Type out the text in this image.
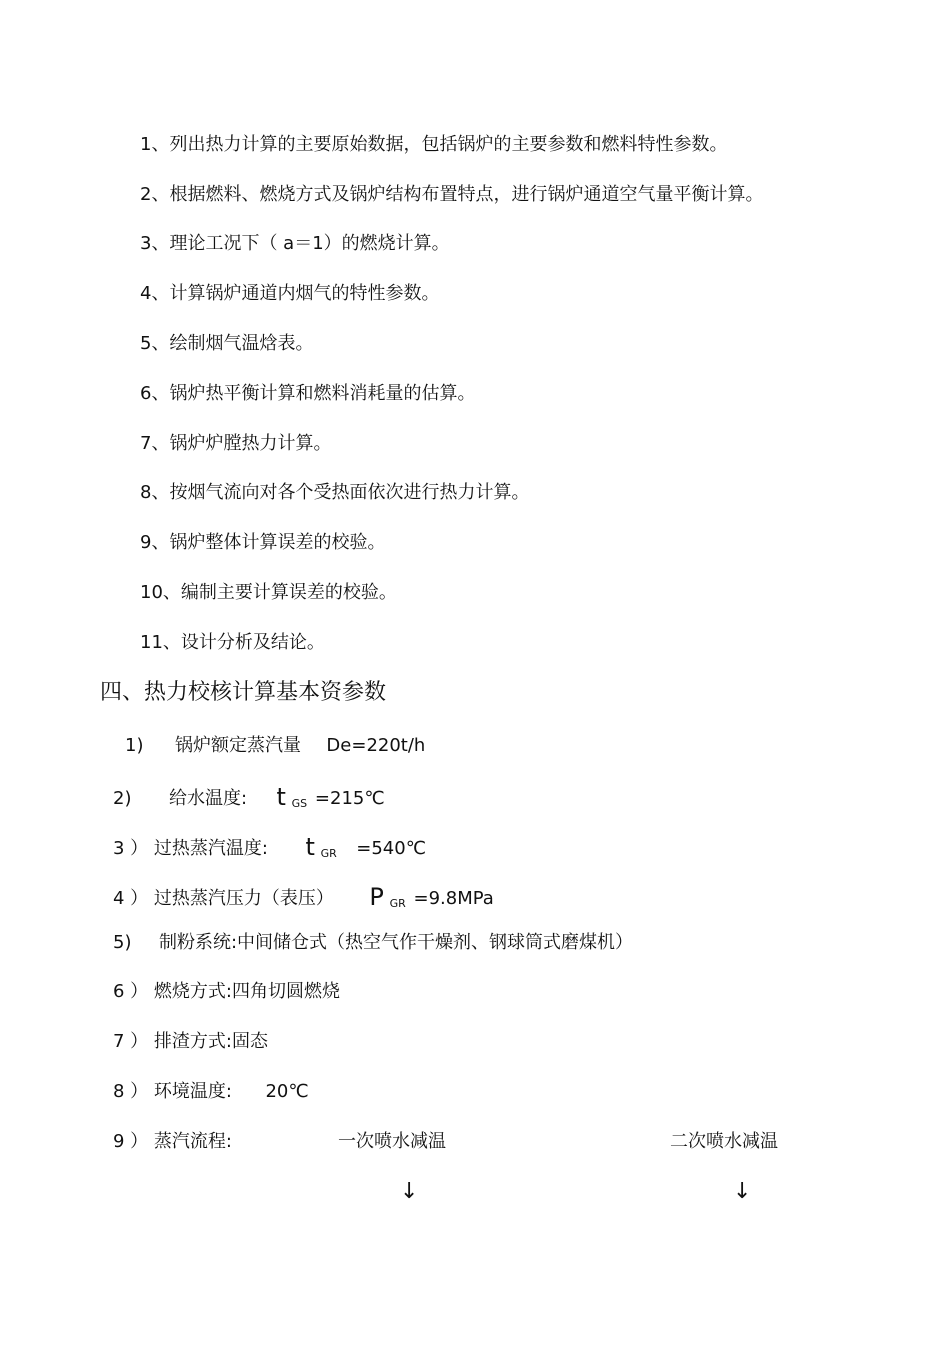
1、列出热力计算的主要原始数据，包括锅炉的主要参数和燃料特性参数。
2、根据燃料、燃烧方式及锅炉结构布置特点，进行锅炉通道空气量平衡计算。
3、理论工况下（ a＝1）的燃烧计算。
4、计算锅炉通道内烟气的特性参数。
5、绘制烟气温焓表。
6、锅炉热平衡计算和燃料消耗量的估算。
7、锅炉炉膛热力计算。
8、按烟气流向对各个受热面依次进行热力计算。
9、锅炉整体计算误差的校验。
10、编制主要计算误差的校验。
11、设计分析及结论。
四、热力校核计算基本资参数
1) 锅炉额定蒸汽量 De=220t/h
2) 给水温度: t GS =215℃
3 ） 过热蒸汽温度: t GR =540℃
4 ） 过热蒸汽压力（表压） P GR =9.8MPa
5) 制粉系统:中间储仓式（热空气作干燥剂、钢球筒式磨煤机）
6 ） 燃烧方式:四角切圆燃烧
7 ） 排渣方式:固态
8 ） 环境温度: 20℃
9 ） 蒸汽流程:	一次喷水减温	二次喷水减温
↓	↓
